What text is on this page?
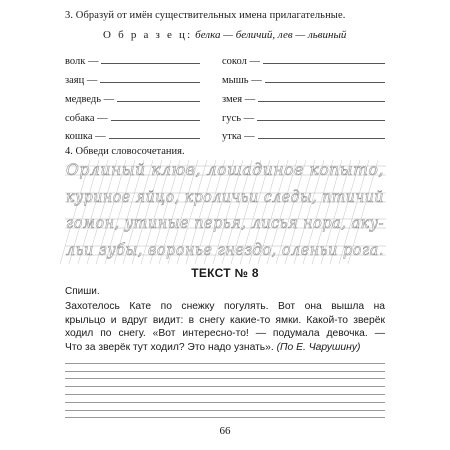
3. Образуй от имён существительных имена прилагательные.
О б р а з е ц: белка — беличий, лев — львиный
волк —
заяц —
медведь —
собака —
кошка —
сокол —
мышь —
змея —
гусь —
утка —
4. Обведи словосочетания.
Орлиный клюв, лошадиное копыто,
куриное яйцо, кроличьи следы, птичий
гомон, утиные перья, лисья нора, аку-
льи зубы, воронье гнездо, оленьи рога.
ТЕКСТ № 8
Спиши.
Захотелось Кате по снежку погулять. Вот она вышла на
крыльцо и вдруг видит: в снегу какие-то ямки. Какой-то зверёк
ходил по снегу. «Вот интересно-то! — подумала девочка. —
Что за зверёк тут ходил? Это надо узнать». (По Е. Чарушину)
66
